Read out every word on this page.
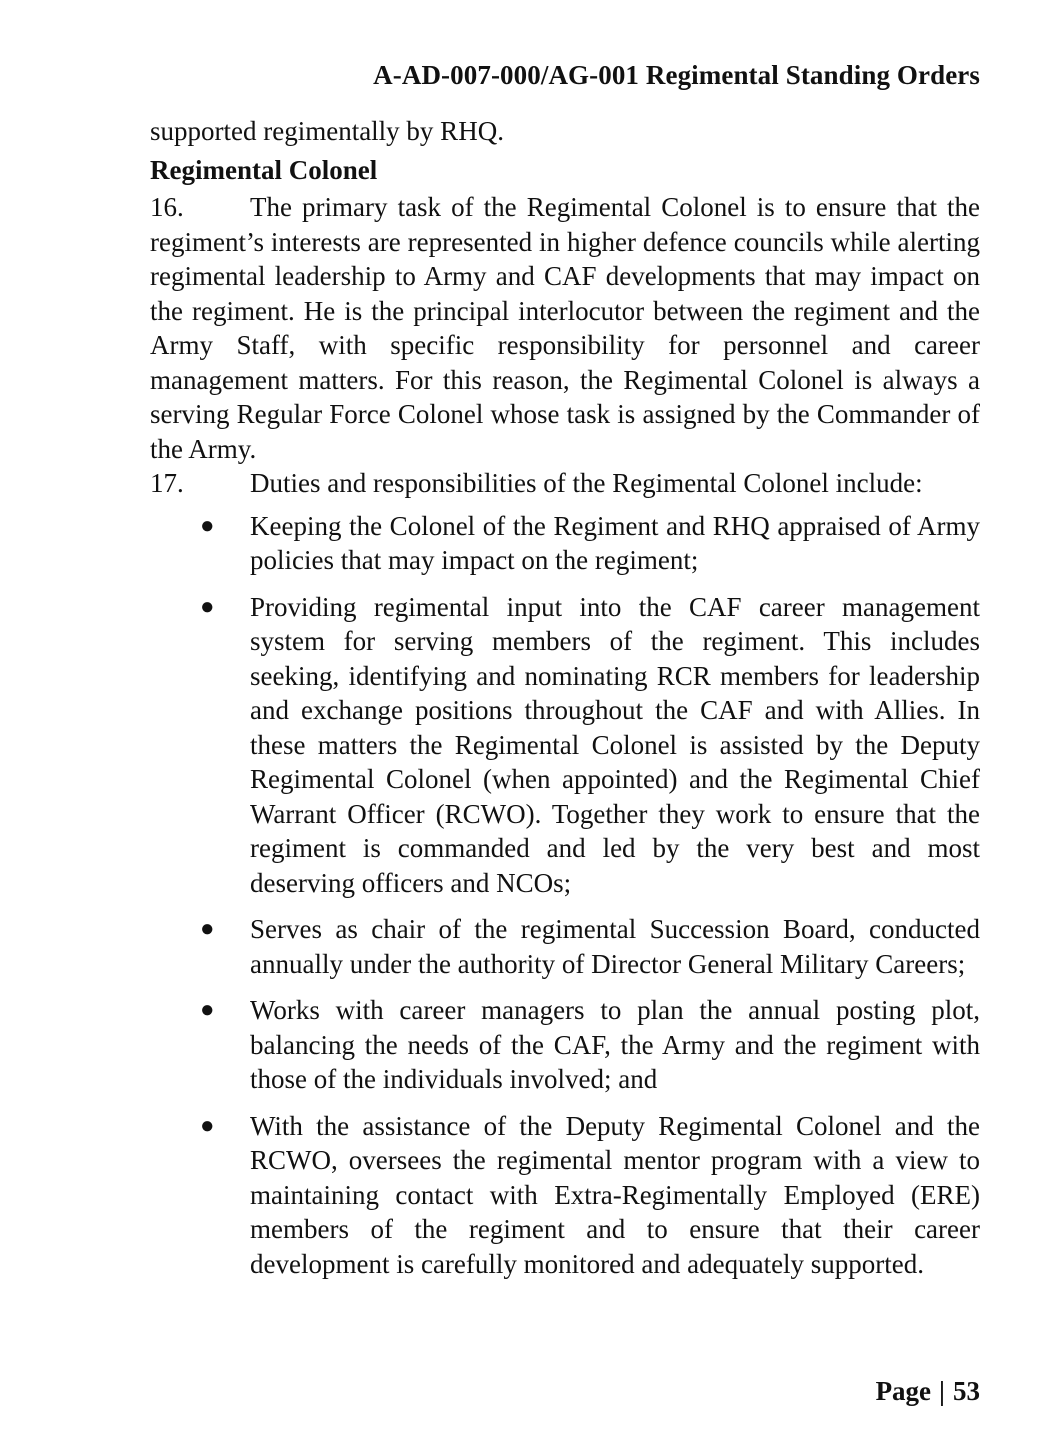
A-AD-007-000/AG-001 Regimental Standing Orders

supported regimentally by RHQ.

Regimental Colonel

16. The primary task of the Regimental Colonel is to ensure that the regiment’s interests are represented in higher defence councils while alerting regimental leadership to Army and CAF developments that may impact on the regiment. He is the principal interlocutor between the regiment and the Army Staff, with specific responsibility for personnel and career management matters. For this reason, the Regimental Colonel is always a serving Regular Force Colonel whose task is assigned by the Commander of the Army.

17. Duties and responsibilities of the Regimental Colonel include:

● Keeping the Colonel of the Regiment and RHQ appraised of Army policies that may impact on the regiment;
● Providing regimental input into the CAF career management system for serving members of the regiment. This includes seeking, identifying and nominating RCR members for leadership and exchange positions throughout the CAF and with Allies. In these matters the Regimental Colonel is assisted by the Deputy Regimental Colonel (when appointed) and the Regimental Chief Warrant Officer (RCWO). Together they work to ensure that the regiment is commanded and led by the very best and most deserving officers and NCOs;
● Serves as chair of the regimental Succession Board, conducted annually under the authority of Director General Military Careers;
● Works with career managers to plan the annual posting plot, balancing the needs of the CAF, the Army and the regiment with those of the individuals involved; and
● With the assistance of the Deputy Regimental Colonel and the RCWO, oversees the regimental mentor program with a view to maintaining contact with Extra-Regimentally Employed (ERE) members of the regiment and to ensure that their career development is carefully monitored and adequately supported.
Page | 53
